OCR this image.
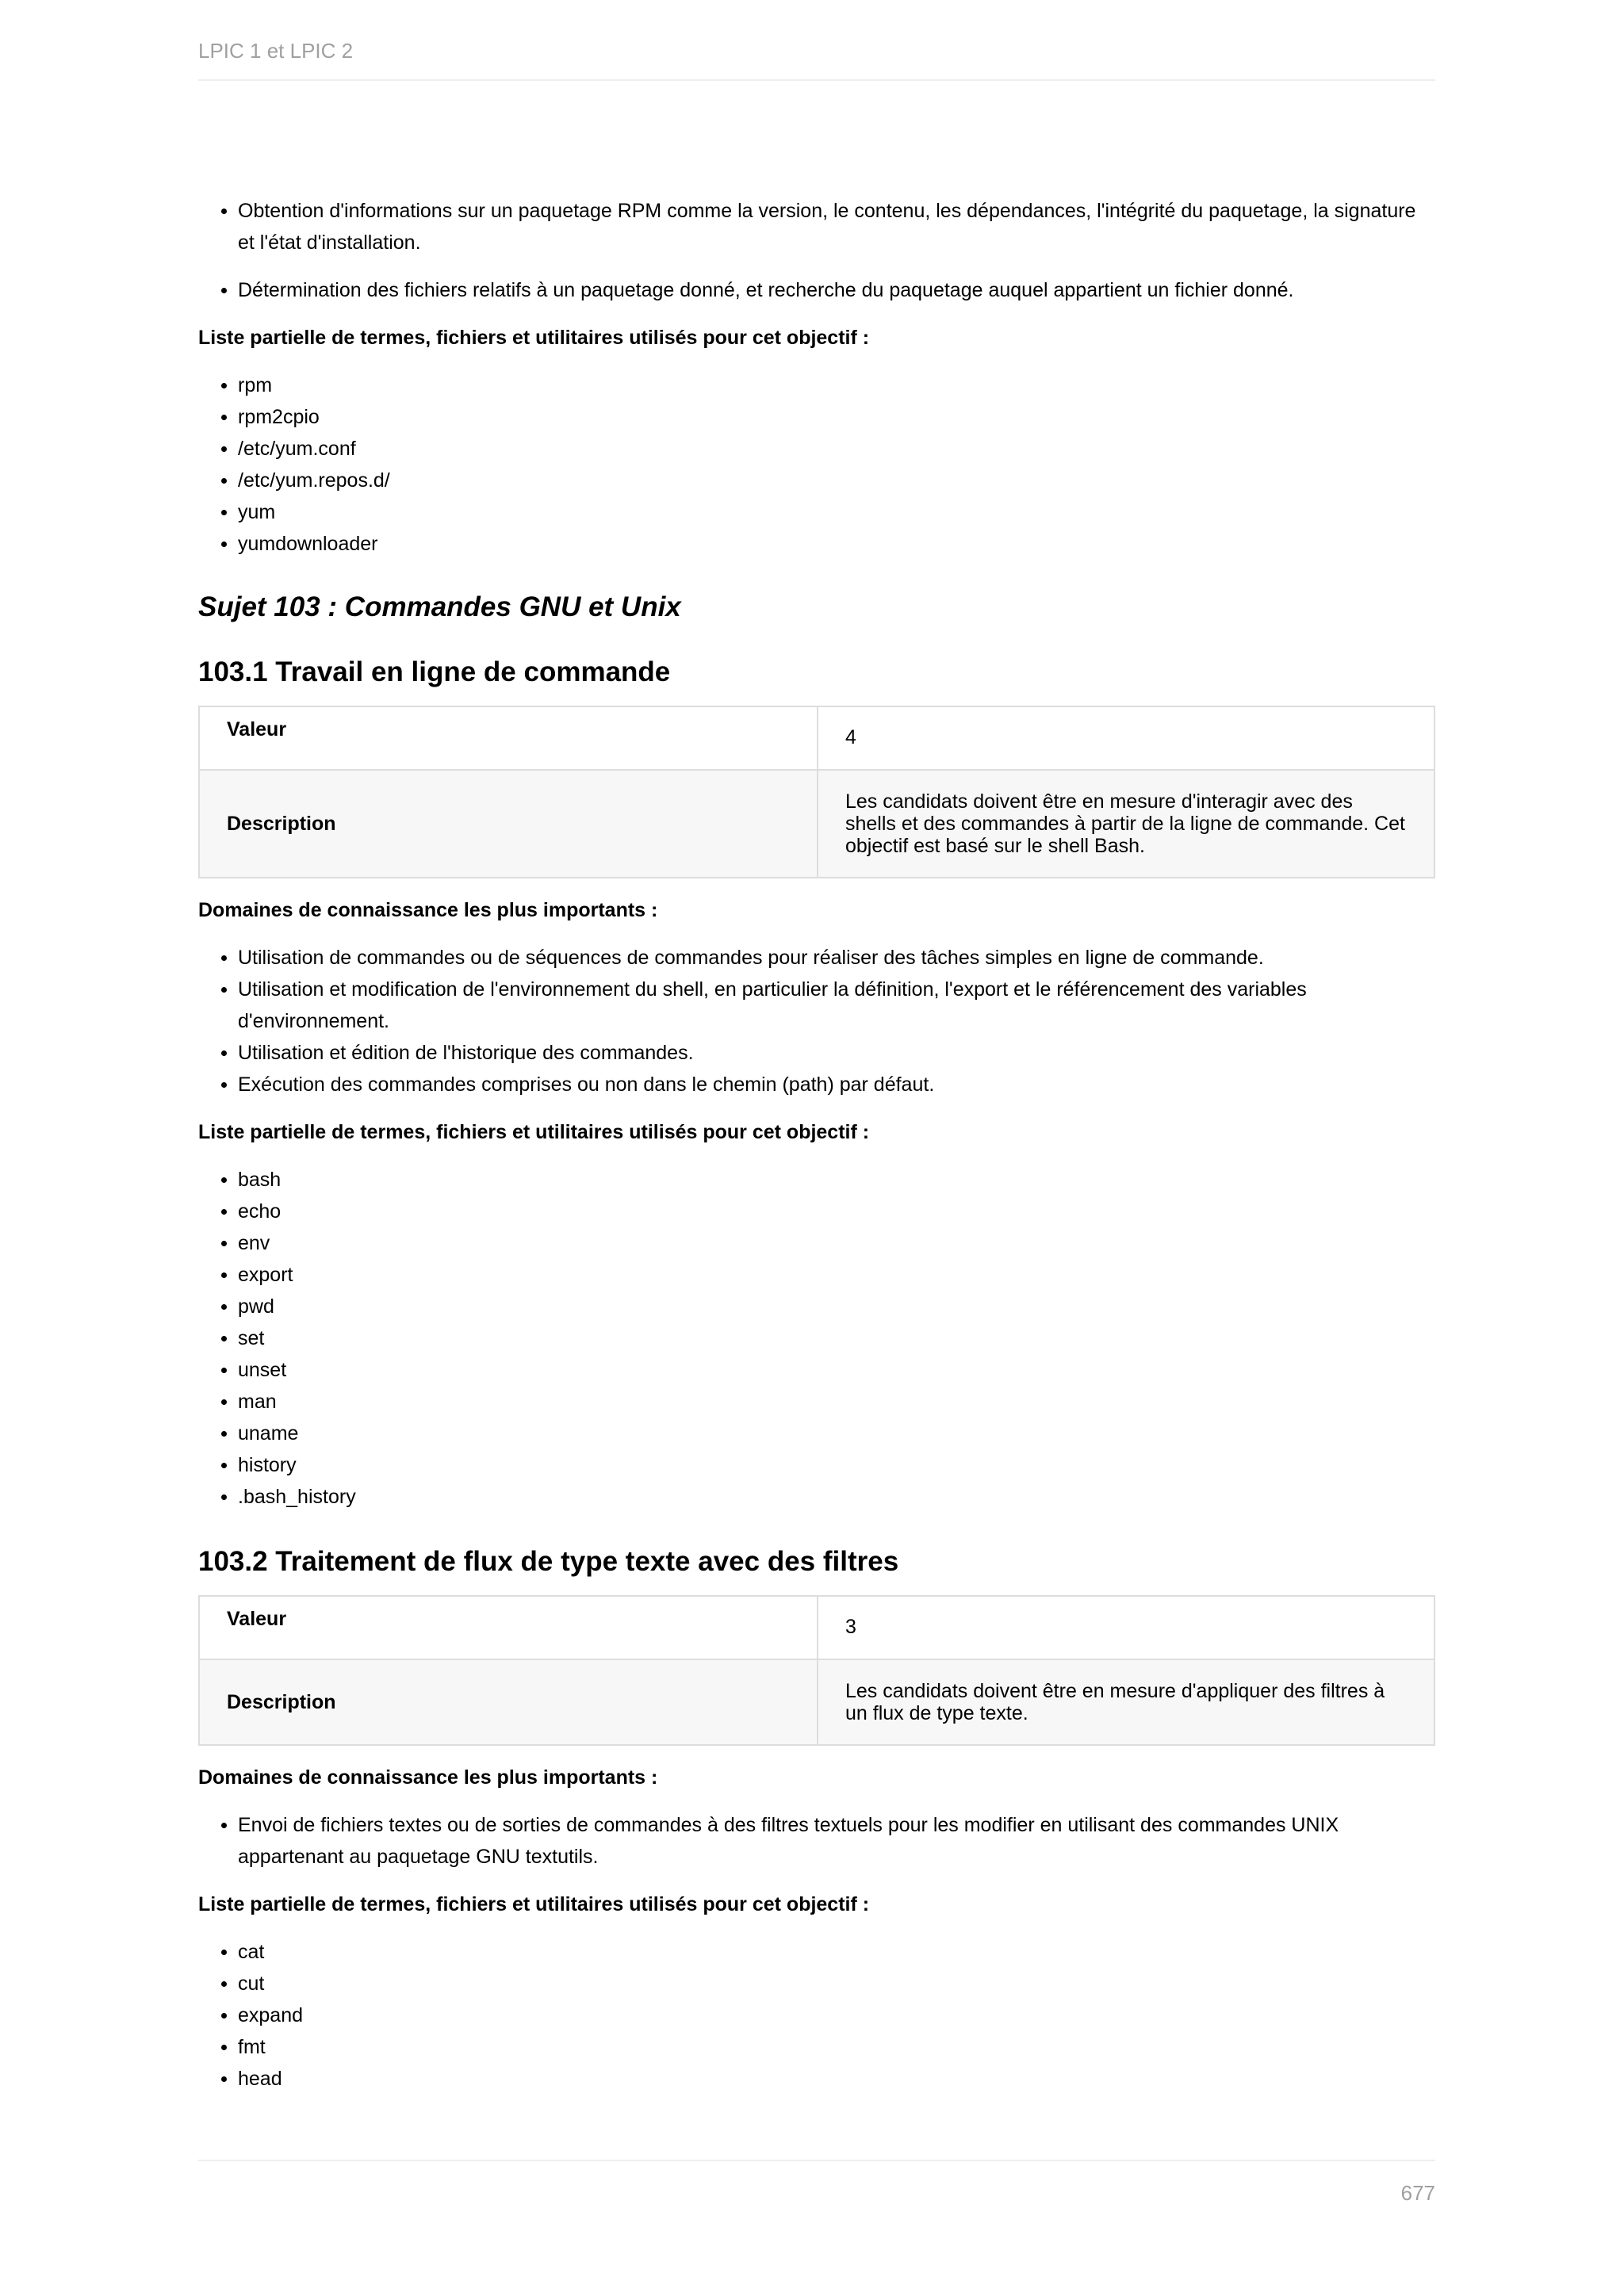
LPIC 1 et LPIC 2
• Obtention d'informations sur un paquetage RPM comme la version, le contenu, les dépendances, l'intégrité du paquetage, la signature et l'état d'installation.
• Détermination des fichiers relatifs à un paquetage donné, et recherche du paquetage auquel appartient un fichier donné.

Liste partielle de termes, fichiers et utilitaires utilisés pour cet objectif :

• rpm
• rpm2cpio
• /etc/yum.conf
• /etc/yum.repos.d/
• yum
• yumdownloader
Sujet 103 : Commandes GNU et Unix
103.1 Travail en ligne de commande
Valeur	4
Description	Les candidats doivent être en mesure d'interagir avec des shells et des commandes à partir de la ligne de commande. Cet objectif est basé sur le shell Bash.

Domaines de connaissance les plus importants :

• Utilisation de commandes ou de séquences de commandes pour réaliser des tâches simples en ligne de commande.
• Utilisation et modification de l'environnement du shell, en particulier la définition, l'export et le référencement des variables d'environnement.
• Utilisation et édition de l'historique des commandes.
• Exécution des commandes comprises ou non dans le chemin (path) par défaut.

Liste partielle de termes, fichiers et utilitaires utilisés pour cet objectif :

• bash
• echo
• env
• export
• pwd
• set
• unset
• man
• uname
• history
• .bash_history
103.2 Traitement de flux de type texte avec des filtres
Valeur	3
Description	Les candidats doivent être en mesure d'appliquer des filtres à un flux de type texte.

Domaines de connaissance les plus importants :

• Envoi de fichiers textes ou de sorties de commandes à des filtres textuels pour les modifier en utilisant des commandes UNIX appartenant au paquetage GNU textutils.

Liste partielle de termes, fichiers et utilitaires utilisés pour cet objectif :

• cat
• cut
• expand
• fmt
• head
677
